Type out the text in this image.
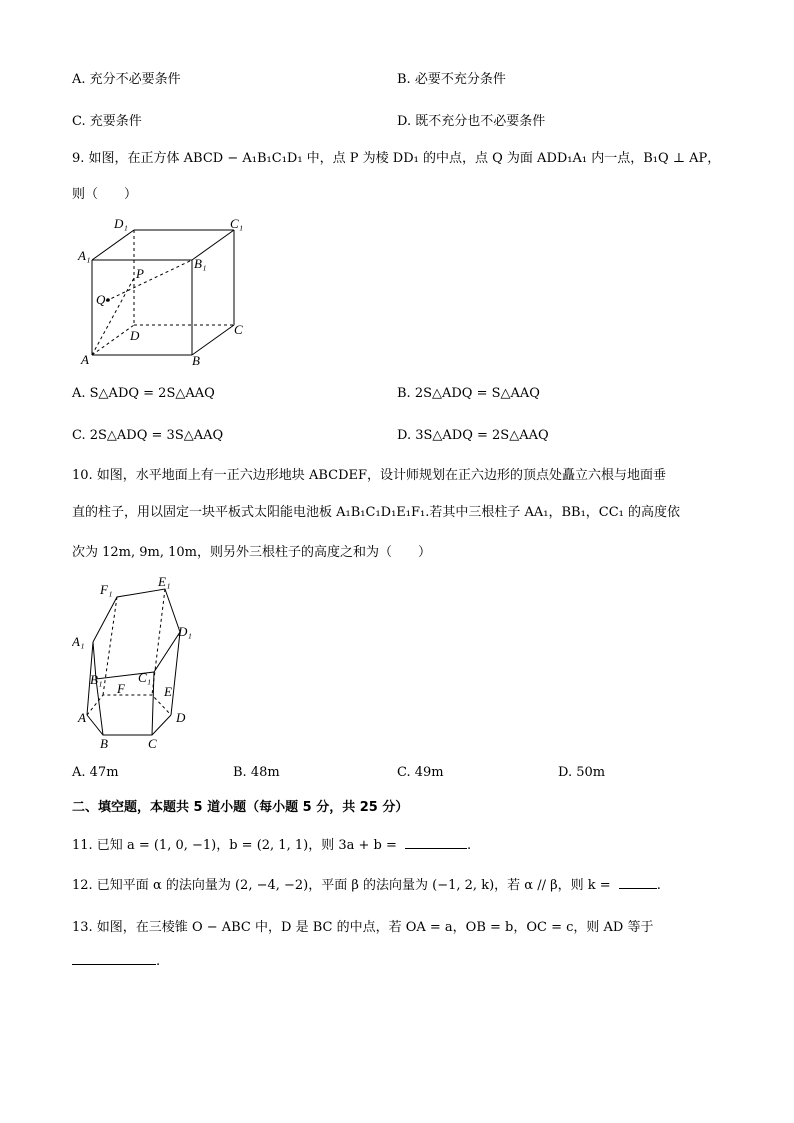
A. 充分不必要条件	B. 必要不充分条件
C. 充要条件	D. 既不充分也不必要条件
9. 如图，在正方体 ABCD − A₁B₁C₁D₁ 中，点 P 为棱 DD₁ 的中点，点 Q 为面 ADD₁A₁ 内一点，B₁Q ⊥ AP，
则（　　）
D₁	C₁
A₁
B₁
P
Q
D	C
A	B
A. S△ADQ = 2S△AAQ	B. 2S△ADQ = S△AAQ
C. 2S△ADQ = 3S△AAQ	D. 3S△ADQ = 2S△AAQ
10. 如图，水平地面上有一正六边形地块 ABCDEF，设计师规划在正六边形的顶点处矗立六根与地面垂
直的柱子，用以固定一块平板式太阳能电池板 A₁B₁C₁D₁E₁F₁.若其中三根柱子 AA₁，BB₁，CC₁ 的高度依
次为 12m, 9m, 10m，则另外三根柱子的高度之和为（　　）
F₁
E₁
A₁
D₁
B₁	C₁
F	E
A	D
B	C
A. 47m	B. 48m	C. 49m	D. 50m
二、填空题，本题共 5 道小题（每小题 5 分，共 25 分）
11. 已知 a = (1, 0, −1)，b = (2, 1, 1)，则 3a + b =	.
12. 已知平面 α 的法向量为 (2, −4, −2)，平面 β 的法向量为 (−1, 2, k)，若 α // β，则 k =	.
13. 如图，在三棱锥 O − ABC 中，D 是 BC 的中点，若 OA = a，OB = b，OC = c，则 AD 等于
.
